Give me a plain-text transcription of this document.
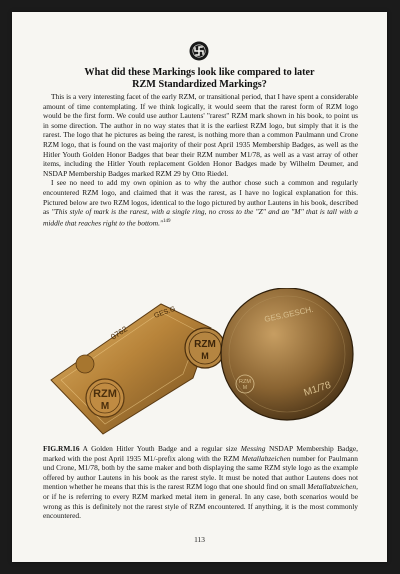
What did these Markings look like compared to later
RZM Standardized Markings?

This is a very interesting facet of the early RZM, or transitional period, that I have spent a considerable amount of time contemplating. If we think logically, it would seem that the rarest form of RZM logo would be the first form. We could use author Lautens' "rarest" RZM mark shown in his book, to point us in some direction. The author in no way states that it is the earliest RZM logo, but simply that it is the rarest. The logo that he pictures as being the rarest, is nothing more than a common Paulmann und Crone RZM logo, that is found on the vast majority of their post April 1935 Membership Badges, as well as the Hitler Youth Golden Honor Badges that bear their RZM number M1/78, as well as a vast array of other items, including the Hitler Youth replacement Golden Honor Badges made by Wilhelm Deumer, and NSDAP Membership Badges marked RZM 29 by Otto Riedel.

I see no need to add my own opinion as to why the author chose such a common and regularly encountered RZM logo, and claimed that it was the rarest, as I have no logical explanation for this. Pictured below are two RZM logos, identical to the logo pictured by author Lautens in his book, described as "This style of mark is the rarest, with a single ring, no cross to the "Z" and an "M" that is tall with a middle that reaches right to the bottom."$^{149}$

RZM
M
0762
GES.G
RZM
M
GES.GESCH.
M1/78
RZM
M
FIG.RM.16 A Golden Hitler Youth Badge and a regular size Messing NSDAP Membership Badge, marked with the post April 1935 M1/-prefix along with the RZM Metallabzeichen number for Paulmann und Crone, M1/78, both by the same maker and both displaying the same RZM style logo as the example offered by author Lautens in his book as the rarest style. It must be noted that author Lautens does not mention whether he means that this is the rarest RZM logo that one should find on small Metallabzeichen, or if he is referring to every RZM marked metal item in general. In any case, both scenarios would be wrong as this is definitely not the rarest style of RZM encountered. If anything, it is the most commonly encountered.
113
